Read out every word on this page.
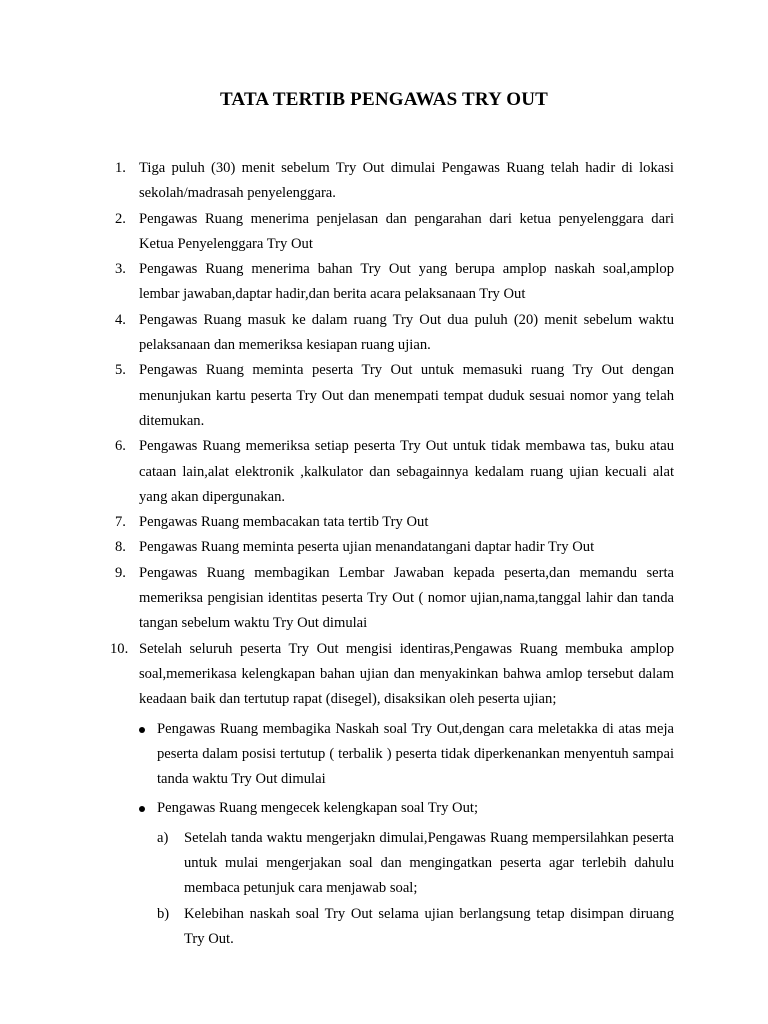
TATA TERTIB PENGAWAS TRY OUT
1. Tiga puluh (30) menit sebelum Try Out dimulai Pengawas Ruang telah hadir di lokasi sekolah/madrasah penyelenggara.
2. Pengawas Ruang menerima penjelasan dan pengarahan dari ketua penyelenggara dari Ketua Penyelenggara Try Out
3. Pengawas Ruang menerima bahan Try Out yang berupa amplop naskah soal,amplop lembar jawaban,daptar hadir,dan berita acara pelaksanaan Try Out
4. Pengawas Ruang masuk ke dalam ruang Try Out dua puluh (20) menit sebelum waktu pelaksanaan dan memeriksa kesiapan ruang ujian.
5. Pengawas Ruang meminta peserta Try Out untuk memasuki ruang Try Out dengan menunjukan kartu peserta Try Out dan menempati tempat duduk sesuai nomor yang telah ditemukan.
6. Pengawas Ruang memeriksa setiap peserta Try Out untuk tidak membawa tas, buku atau cataan lain,alat elektronik ,kalkulator dan sebagainnya kedalam ruang ujian kecuali alat yang akan dipergunakan.
7. Pengawas Ruang membacakan tata tertib Try Out
8. Pengawas Ruang meminta peserta ujian menandatangani daptar hadir Try Out
9. Pengawas Ruang membagikan Lembar Jawaban kepada peserta,dan memandu serta memeriksa pengisian identitas peserta Try Out ( nomor ujian,nama,tanggal lahir dan tanda tangan sebelum waktu Try Out dimulai
10. Setelah seluruh peserta Try Out mengisi identiras,Pengawas Ruang membuka amplop soal,memerikasa kelengkapan bahan ujian dan menyakinkan bahwa amlop tersebut dalam keadaan baik dan tertutup rapat (disegel), disaksikan oleh peserta ujian;
Pengawas Ruang membagika Naskah soal Try Out,dengan cara meletakka di atas meja peserta dalam posisi tertutup ( terbalik ) peserta tidak diperkenankan menyentuh sampai tanda waktu Try Out dimulai
Pengawas Ruang mengecek kelengkapan soal Try Out;
a) Setelah tanda waktu mengerjakn dimulai,Pengawas Ruang mempersilahkan peserta untuk mulai mengerjakan soal dan mengingatkan peserta agar terlebih dahulu membaca petunjuk cara menjawab soal;
b) Kelebihan naskah soal Try Out selama ujian berlangsung tetap disimpan diruang Try Out.
